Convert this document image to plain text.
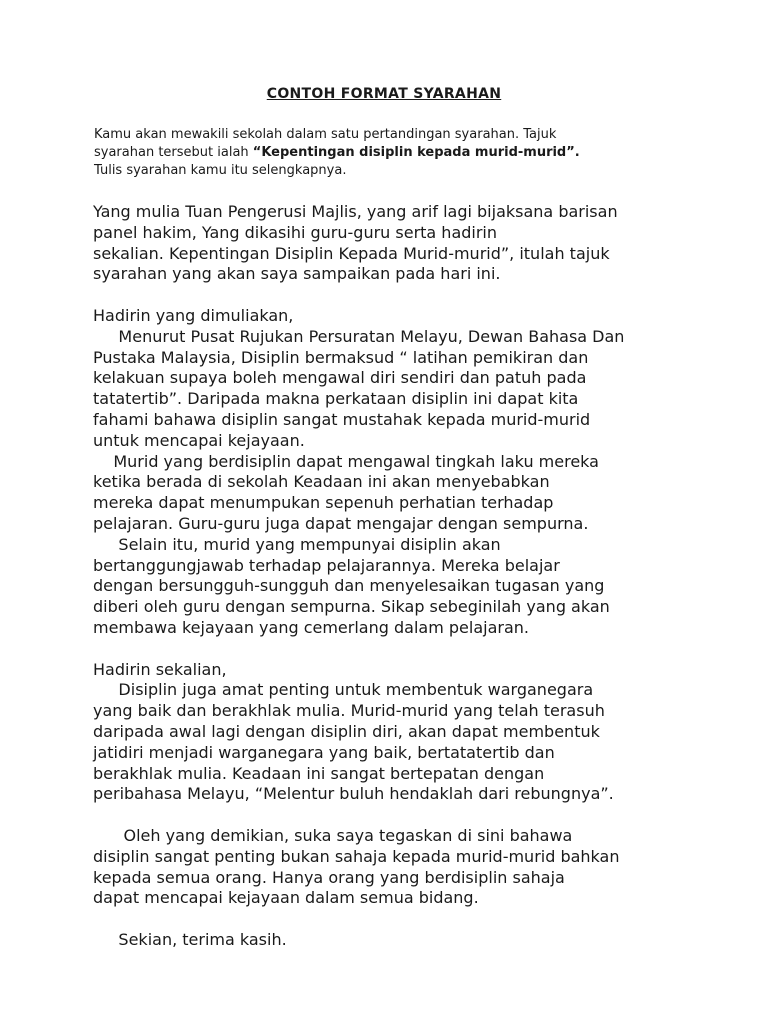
CONTOH FORMAT SYARAHAN
Kamu akan mewakili sekolah dalam satu pertandingan syarahan. Tajuk
syarahan tersebut ialah “Kepentingan disiplin kepada murid-murid”.
Tulis syarahan kamu itu selengkapnya.
Yang mulia Tuan Pengerusi Majlis, yang arif lagi bijaksana barisan
panel hakim, Yang dikasihi guru-guru serta hadirin
sekalian. Kepentingan Disiplin Kepada Murid-murid”, itulah tajuk
syarahan yang akan saya sampaikan pada hari ini.
Hadirin yang dimuliakan,
Menurut Pusat Rujukan Persuratan Melayu, Dewan Bahasa Dan
Pustaka Malaysia, Disiplin bermaksud “ latihan pemikiran dan
kelakuan supaya boleh mengawal diri sendiri dan patuh pada
tatatertib”. Daripada makna perkataan disiplin ini dapat kita
fahami bahawa disiplin sangat mustahak kepada murid-murid
untuk mencapai kejayaan.
Murid yang berdisiplin dapat mengawal tingkah laku mereka
ketika berada di sekolah Keadaan ini akan menyebabkan
mereka dapat menumpukan sepenuh perhatian terhadap
pelajaran. Guru-guru juga dapat mengajar dengan sempurna.
Selain itu, murid yang mempunyai disiplin akan
bertanggungjawab terhadap pelajarannya. Mereka belajar
dengan bersungguh-sungguh dan menyelesaikan tugasan yang
diberi oleh guru dengan sempurna. Sikap sebeginilah yang akan
membawa kejayaan yang cemerlang dalam pelajaran.
Hadirin sekalian,
Disiplin juga amat penting untuk membentuk warganegara
yang baik dan berakhlak mulia. Murid-murid yang telah terasuh
daripada awal lagi dengan disiplin diri, akan dapat membentuk
jatidiri menjadi warganegara yang baik, bertatatertib dan
berakhlak mulia. Keadaan ini sangat bertepatan dengan
peribahasa Melayu, “Melentur buluh hendaklah dari rebungnya”.
Oleh yang demikian, suka saya tegaskan di sini bahawa
disiplin sangat penting bukan sahaja kepada murid-murid bahkan
kepada semua orang. Hanya orang yang berdisiplin sahaja
dapat mencapai kejayaan dalam semua bidang.
Sekian, terima kasih.
